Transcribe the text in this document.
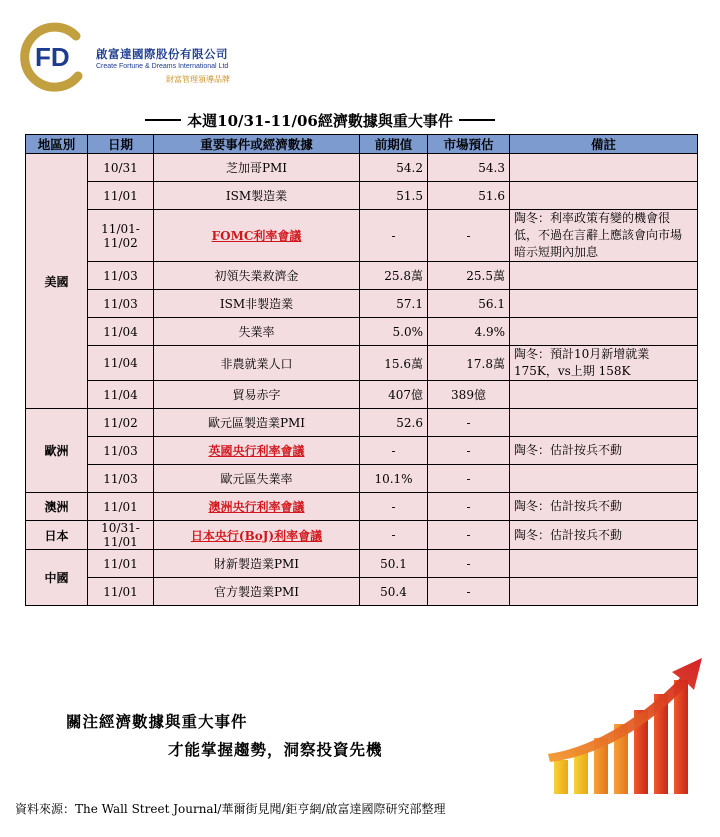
FD 啟富達國際股份有限公司
Create Fortune & Dreams International Ltd
財富管理領導品牌
本週10/31-11/06經濟數據與重大事件
地區別	日期	重要事件或經濟數據	前期值	市場預估	備註
美國	10/31	芝加哥PMI	54.2	54.3	
	11/01	ISM製造業	51.5	51.6	
	11/01-11/02	FOMC利率會議	-	-	陶冬：利率政策有變的機會很低，不過在言辭上應該會向市場暗示短期內加息
	11/03	初領失業救濟金	25.8萬	25.5萬	
	11/03	ISM非製造業	57.1	56.1	
	11/04	失業率	5.0%	4.9%	
	11/04	非農就業人口	15.6萬	17.8萬	陶冬：預計10月新增就業175K，vs上期 158K
	11/04	貿易赤字	407億	389億	
歐洲	11/02	歐元區製造業PMI	52.6	-	
	11/03	英國央行利率會議	-	-	陶冬：估計按兵不動
	11/03	歐元區失業率	10.1%	-	
澳洲	11/01	澳洲央行利率會議	-	-	陶冬：估計按兵不動
日本	10/31-11/01	日本央行(BoJ)利率會議	-	-	陶冬：估計按兵不動
中國	11/01	財新製造業PMI	50.1	-	
	11/01	官方製造業PMI	50.4	-	
關注經濟數據與重大事件
才能掌握趨勢，洞察投資先機
資料來源：The Wall Street Journal/華爾街見聞/鉅亨網/啟富達國際研究部整理
